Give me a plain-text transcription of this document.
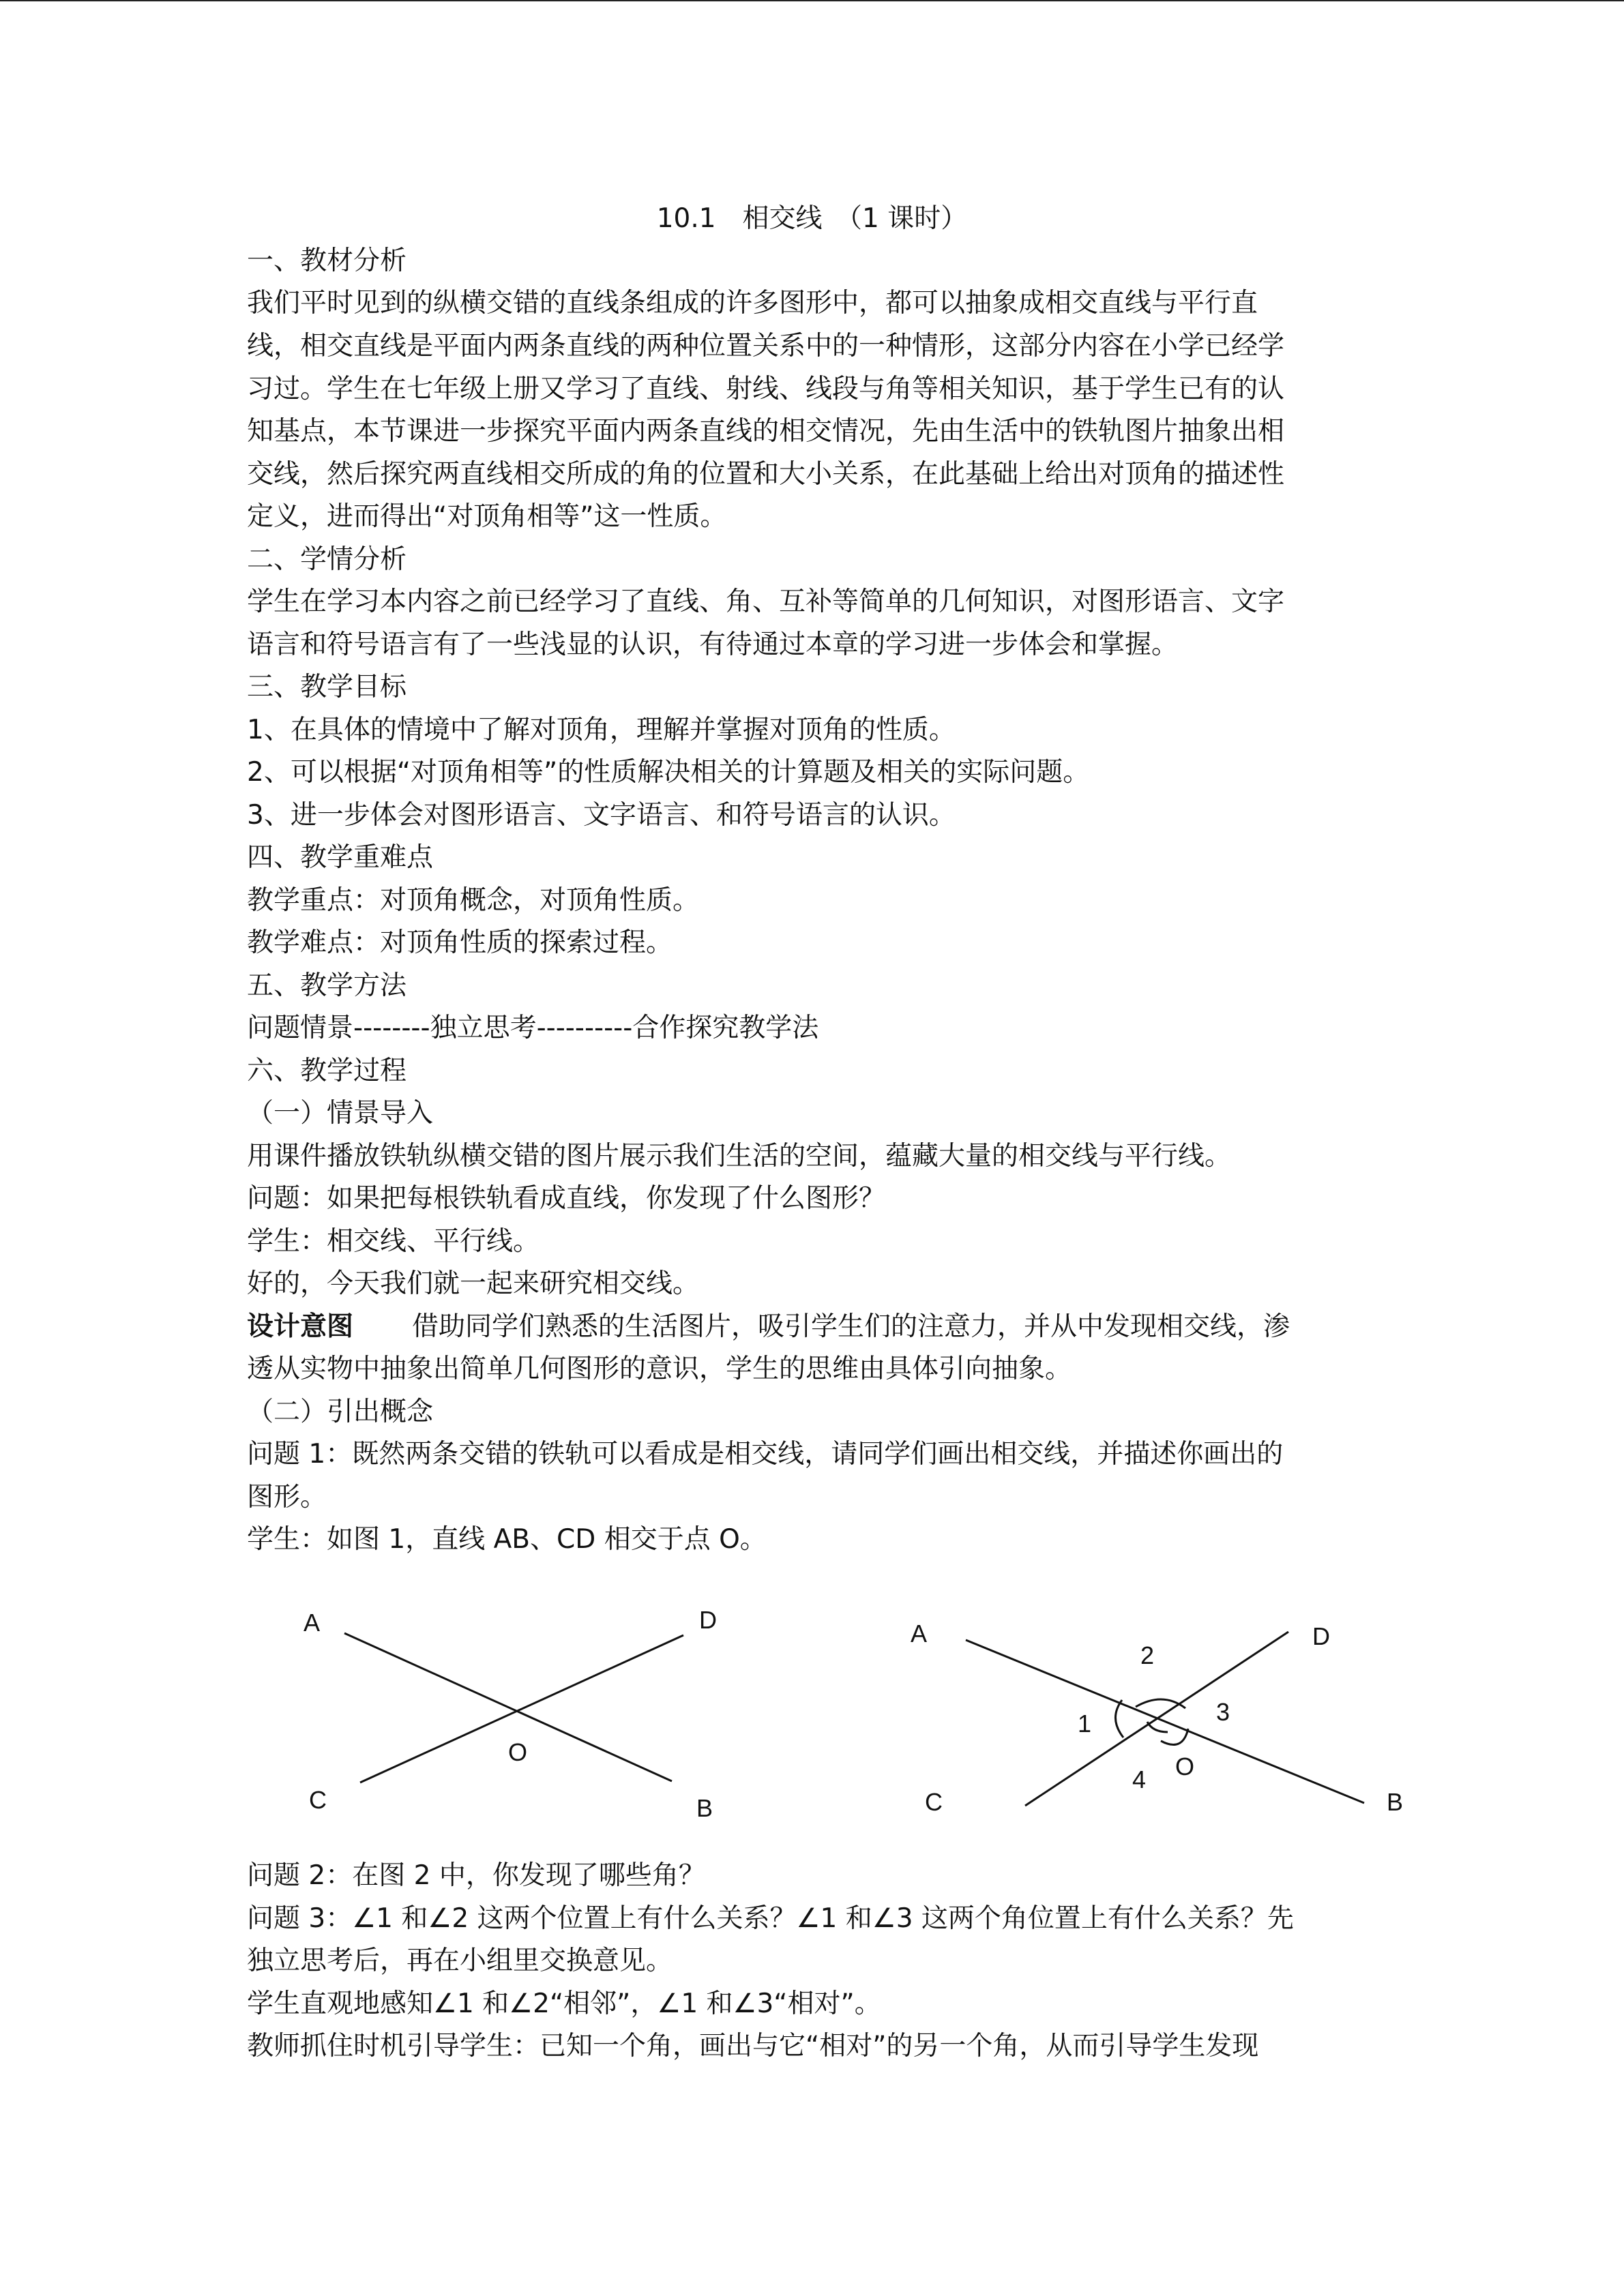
10.1　相交线　（1 课时）
一、教材分析
我们平时见到的纵横交错的直线条组成的许多图形中，都可以抽象成相交直线与平行直
线，相交直线是平面内两条直线的两种位置关系中的一种情形，这部分内容在小学已经学
习过。学生在七年级上册又学习了直线、射线、线段与角等相关知识，基于学生已有的认
知基点，本节课进一步探究平面内两条直线的相交情况，先由生活中的铁轨图片抽象出相
交线，然后探究两直线相交所成的角的位置和大小关系，在此基础上给出对顶角的描述性
定义，进而得出“对顶角相等”这一性质。
二、学情分析
学生在学习本内容之前已经学习了直线、角、互补等简单的几何知识，对图形语言、文字
语言和符号语言有了一些浅显的认识，有待通过本章的学习进一步体会和掌握。
三、教学目标
1、在具体的情境中了解对顶角，理解并掌握对顶角的性质。
2、可以根据“对顶角相等”的性质解决相关的计算题及相关的实际问题。
3、进一步体会对图形语言、文字语言、和符号语言的认识。
四、教学重难点
教学重点：对顶角概念，对顶角性质。
教学难点：对顶角性质的探索过程。
五、教学方法
问题情景--------独立思考----------合作探究教学法
六、教学过程
（一）情景导入
用课件播放铁轨纵横交错的图片展示我们生活的空间，蕴藏大量的相交线与平行线。
问题：如果把每根铁轨看成直线，你发现了什么图形？
学生：相交线、平行线。
好的，今天我们就一起来研究相交线。
设计意图 借助同学们熟悉的生活图片，吸引学生们的注意力，并从中发现相交线，渗
透从实物中抽象出简单几何图形的意识，学生的思维由具体引向抽象。
（二）引出概念
问题 1：既然两条交错的铁轨可以看成是相交线，请同学们画出相交线，并描述你画出的
图形。
学生：如图 1，直线 AB、CD 相交于点 O。
A	D
O
C	B
A	D
2
1	3
4 O
C	B
问题 2：在图 2 中，你发现了哪些角？
问题 3：∠1 和∠2 这两个位置上有什么关系？∠1 和∠3 这两个角位置上有什么关系？先
独立思考后，再在小组里交换意见。
学生直观地感知∠1 和∠2“相邻”，∠1 和∠3“相对”。
教师抓住时机引导学生：已知一个角，画出与它“相对”的另一个角，从而引导学生发现
